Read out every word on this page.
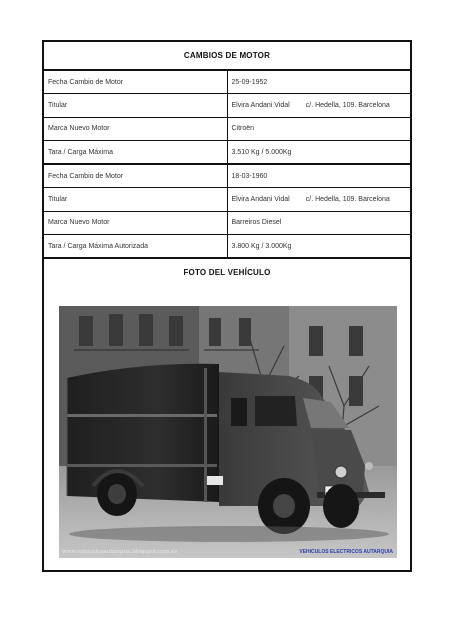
CAMBIOS DE MOTOR	
Fecha Cambio de Motor	25-09-1952
Titular	Elvira Andani Vidal c/. Hedella, 109. Barcelona
Marca Nuevo Motor	Citroën
Tara / Carga Máxima	3.510 Kg / 5.000Kg
Fecha Cambio de Motor	18-03-1960
Titular	Elvira Andani Vidal c/. Hedella, 109. Barcelona
Marca Nuevo Motor	Barreiros Diesel
Tara / Carga Máxima Autorizada	3.800 Kg / 3.000Kg
FOTO DEL VEHÍCULO	
www.vehiculosautarquia.blogspot.com.es	VEHICULOS ELECTRICOS AUTARQUIA
